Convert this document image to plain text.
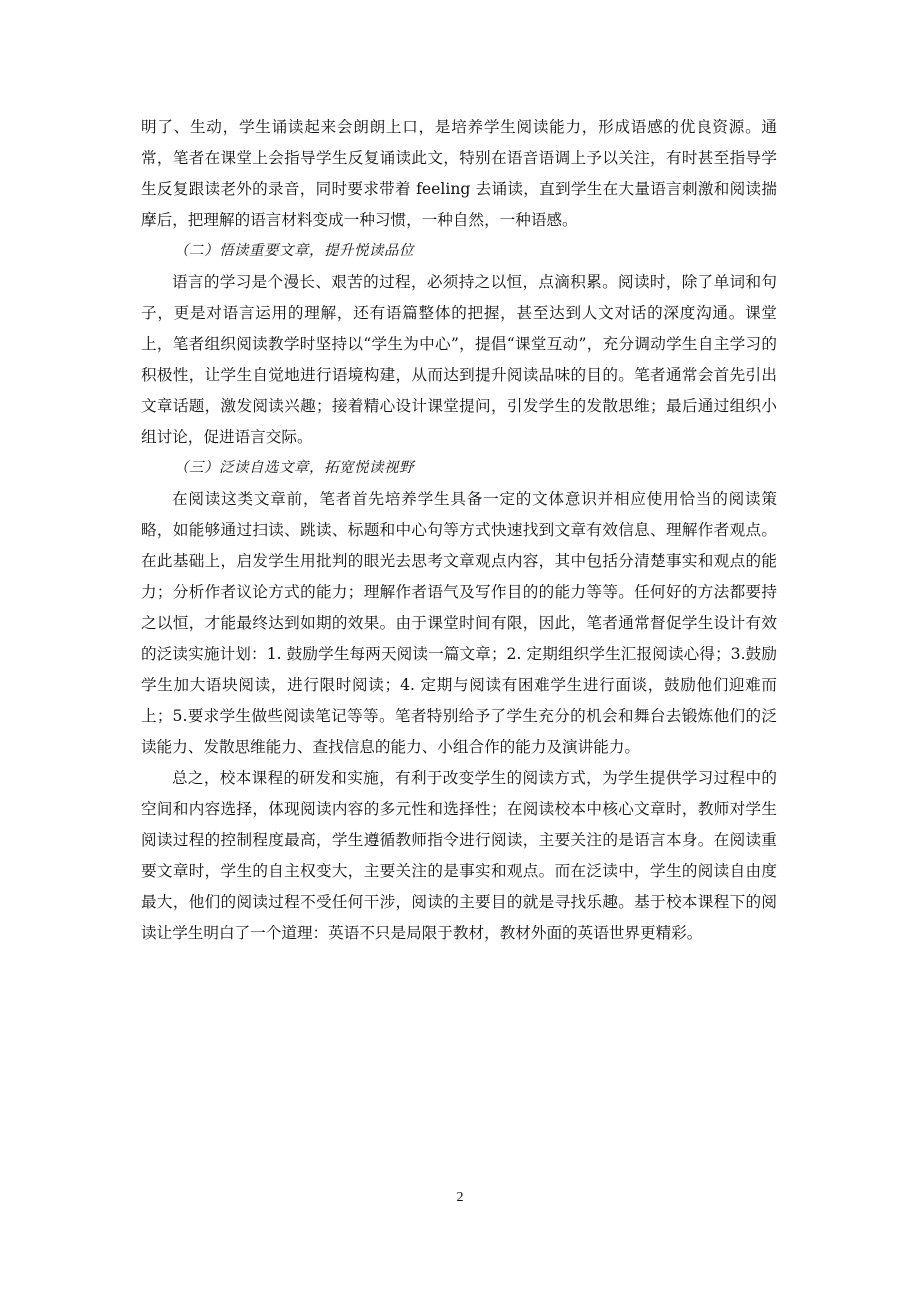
明了、生动，学生诵读起来会朗朗上口，是培养学生阅读能力，形成语感的优良资源。通常，笔者在课堂上会指导学生反复诵读此文，特别在语音语调上予以关注，有时甚至指导学生反复跟读老外的录音，同时要求带着 feeling 去诵读，直到学生在大量语言刺激和阅读揣摩后，把理解的语言材料变成一种习惯，一种自然，一种语感。

（二）悟读重要文章，提升悦读品位

语言的学习是个漫长、艰苦的过程，必须持之以恒，点滴积累。阅读时，除了单词和句子，更是对语言运用的理解，还有语篇整体的把握，甚至达到人文对话的深度沟通。课堂上，笔者组织阅读教学时坚持以“学生为中心”，提倡“课堂互动”，充分调动学生自主学习的积极性，让学生自觉地进行语境构建，从而达到提升阅读品味的目的。笔者通常会首先引出文章话题，激发阅读兴趣；接着精心设计课堂提问，引发学生的发散思维；最后通过组织小组讨论，促进语言交际。

（三）泛读自选文章，拓宽悦读视野

在阅读这类文章前，笔者首先培养学生具备一定的文体意识并相应使用恰当的阅读策略，如能够通过扫读、跳读、标题和中心句等方式快速找到文章有效信息、理解作者观点。在此基础上，启发学生用批判的眼光去思考文章观点内容，其中包括分清楚事实和观点的能力；分析作者议论方式的能力；理解作者语气及写作目的的能力等等。任何好的方法都要持之以恒，才能最终达到如期的效果。由于课堂时间有限，因此，笔者通常督促学生设计有效的泛读实施计划：1. 鼓励学生每两天阅读一篇文章；2. 定期组织学生汇报阅读心得；3.鼓励学生加大语块阅读，进行限时阅读；4. 定期与阅读有困难学生进行面谈，鼓励他们迎难而上；5.要求学生做些阅读笔记等等。笔者特别给予了学生充分的机会和舞台去锻炼他们的泛读能力、发散思维能力、查找信息的能力、小组合作的能力及演讲能力。

总之，校本课程的研发和实施，有利于改变学生的阅读方式，为学生提供学习过程中的空间和内容选择，体现阅读内容的多元性和选择性；在阅读校本中核心文章时，教师对学生阅读过程的控制程度最高，学生遵循教师指令进行阅读，主要关注的是语言本身。在阅读重要文章时，学生的自主权变大，主要关注的是事实和观点。而在泛读中，学生的阅读自由度最大，他们的阅读过程不受任何干涉，阅读的主要目的就是寻找乐趣。基于校本课程下的阅读让学生明白了一个道理：英语不只是局限于教材，教材外面的英语世界更精彩。

2
